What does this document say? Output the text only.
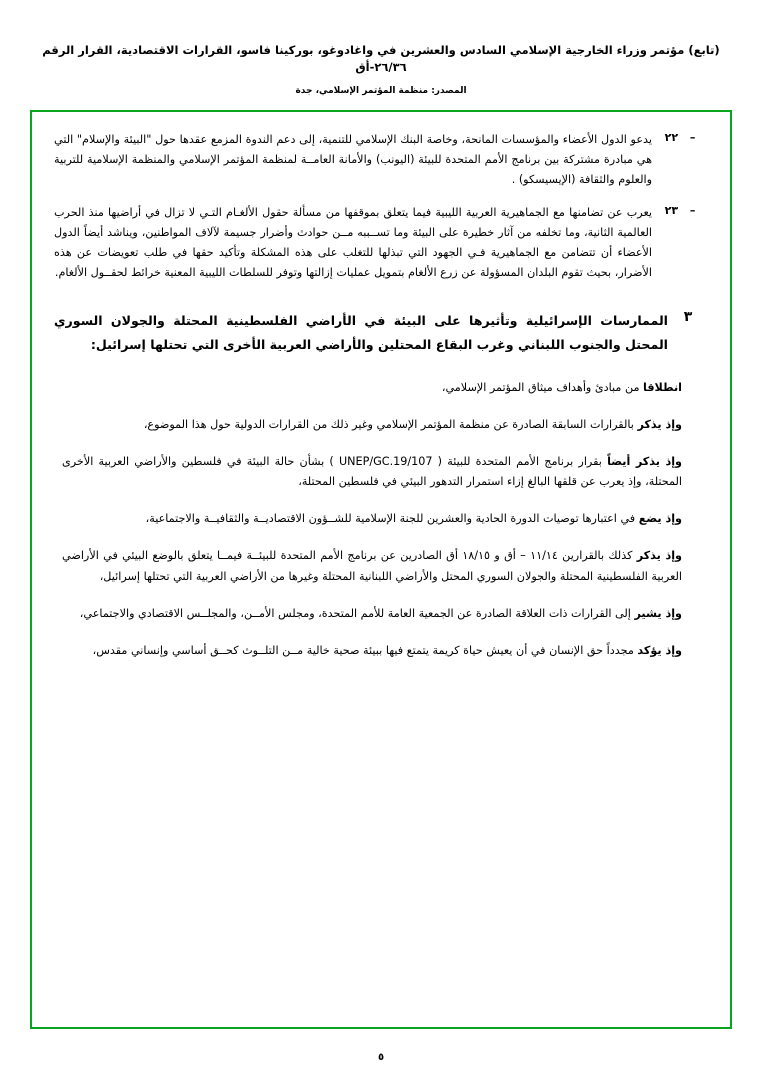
(تابع) مؤتمر وزراء الخارجية الإسلامي السادس والعشرين في واغادوغو، بوركينا فاسو، القرارات الاقتصادية، القرار الرقم ٢٦/٣٦-أق
المصدر: منظمة المؤتمر الإسلامي، جدة
– ٢٢
يدعو الدول الأعضاء والمؤسسات المانحة، وخاصة البنك الإسلامي للتنمية، إلى دعم الندوة المزمع عقدها حول "البيئة والإسلام" التي هي مبادرة مشتركة بين برنامج الأمم المتحدة للبيئة (اليونب) والأمانة العامــة لمنظمة المؤتمر الإسلامي والمنظمة الإسلامية للتربية والعلوم والثقافة (الإيسيسكو) .
– ٢٣
يعرب عن تضامنها مع الجماهيرية العربية الليبية فيما يتعلق بموقفها من مسألة حقول الألغـام التـي لا تزال في أراضيها منذ الحرب العالمية الثانية، وما تخلفه من آثار خطيرة على البيئة وما تســببه مــن حوادث وأضرار جسيمة لآلاف المواطنين، ويناشد أيضاً الدول الأعضاء أن تتضامن مع الجماهيرية فـي الجهود التي تبذلها للتغلب على هذه المشكلة وتأكيد حقها في طلب تعويضات عن هذه الأضرار، بحيث تقوم البلدان المسؤولة عن زرع الألغام بتمويل عمليات إزالتها وتوفر للسلطات الليبية المعنية خرائط لحقــول الألغام.
٣
الممارسات الإسرائيلية وتأثيرها على البيئة في الأراضي الفلسطينية المحتلة والجولان السوري المحتل والجنوب اللبناني وغرب البقاع المحتلين والأراضي العربية الأخرى التي تحتلها إسرائيل:
انطلاقا من مبادئ وأهداف ميثاق المؤتمر الإسلامي،
وإذ يذكر بالقرارات السابقة الصادرة عن منظمة المؤتمر الإسلامي وغير ذلك من القرارات الدولية حول هذا الموضوع،
وإذ يذكر أيضاً بقرار برنامج الأمم المتحدة للبيئة ( UNEP/GC.19/107 ) بشأن حالة البيئة في فلسطين والأراضي العربية الأخرى المحتلة، وإذ يعرب عن قلقها البالغ إزاء استمرار التدهور البيئي في فلسطين المحتلة،
وإذ يضع في اعتبارها توصيات الدورة الحادية والعشرين للجنة الإسلامية للشــؤون الاقتصاديــة والثقافيــة والاجتماعية،
وإذ يذكر كذلك بالقرارين ١١/١٤ – أق و ١٨/١٥ أق الصادرين عن برنامج الأمم المتحدة للبيئــة فيمــا يتعلق بالوضع البيئي في الأراضي العربية الفلسطينية المحتلة والجولان السوري المحتل والأراضي اللبنانية المحتلة وغيرها من الأراضي العربية التي تحتلها إسرائيل،
وإذ يشير إلى القرارات ذات العلاقة الصادرة عن الجمعية العامة للأمم المتحدة، ومجلس الأمــن، والمجلــس الاقتصادي والاجتماعي،
وإذ يؤكد مجدداً حق الإنسان في أن يعيش حياة كريمة يتمتع فيها ببيئة صحية خالية مــن التلــوث كحــق أساسي وإنساني مقدس،
٥
